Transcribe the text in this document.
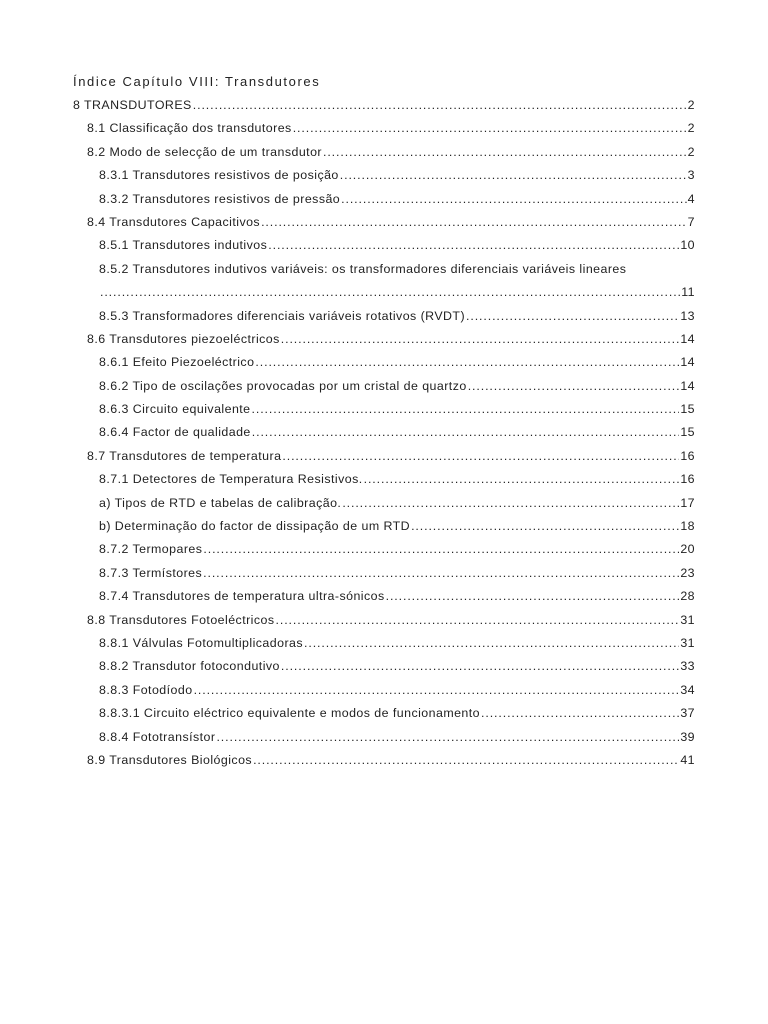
Índice Capítulo VIII: Transdutores
8 TRANSDUTORES .....	2
8.1 Classificação dos transdutores .....	2
8.2 Modo de selecção de um transdutor .....	2
8.3.1 Transdutores resistivos de posição .....	3
8.3.2 Transdutores resistivos de pressão .....	4
8.4 Transdutores Capacitivos .....	7
8.5.1 Transdutores indutivos .....	10
8.5.2 Transdutores indutivos variáveis: os transformadores diferenciais variáveis lineares
.....
11
8.5.3 Transformadores diferenciais variáveis rotativos (RVDT) .....	13
8.6 Transdutores piezoeléctricos .....	14
8.6.1 Efeito Piezoeléctrico .....	14
8.6.2 Tipo de oscilações provocadas por um cristal de quartzo .....	14
8.6.3 Circuito equivalente .....	15
8.6.4 Factor de qualidade .....	15
8.7 Transdutores de temperatura .....	16
8.7.1 Detectores de Temperatura Resistivos. .....	16
a) Tipos de RTD e tabelas de calibração. .....	17
b) Determinação do factor de dissipação de um RTD .....	18
8.7.2 Termopares .....	20
8.7.3 Termístores .....	23
8.7.4 Transdutores de temperatura ultra-sónicos .....	28
8.8 Transdutores Fotoeléctricos .....	31
8.8.1 Válvulas Fotomultiplicadoras .....	31
8.8.2 Transdutor fotocondutivo .....	33
8.8.3 Fotodíodo .....	34
8.8.3.1 Circuito eléctrico equivalente e modos de funcionamento .....	37
8.8.4 Fototransístor .....	39
8.9 Transdutores Biológicos .....	41
